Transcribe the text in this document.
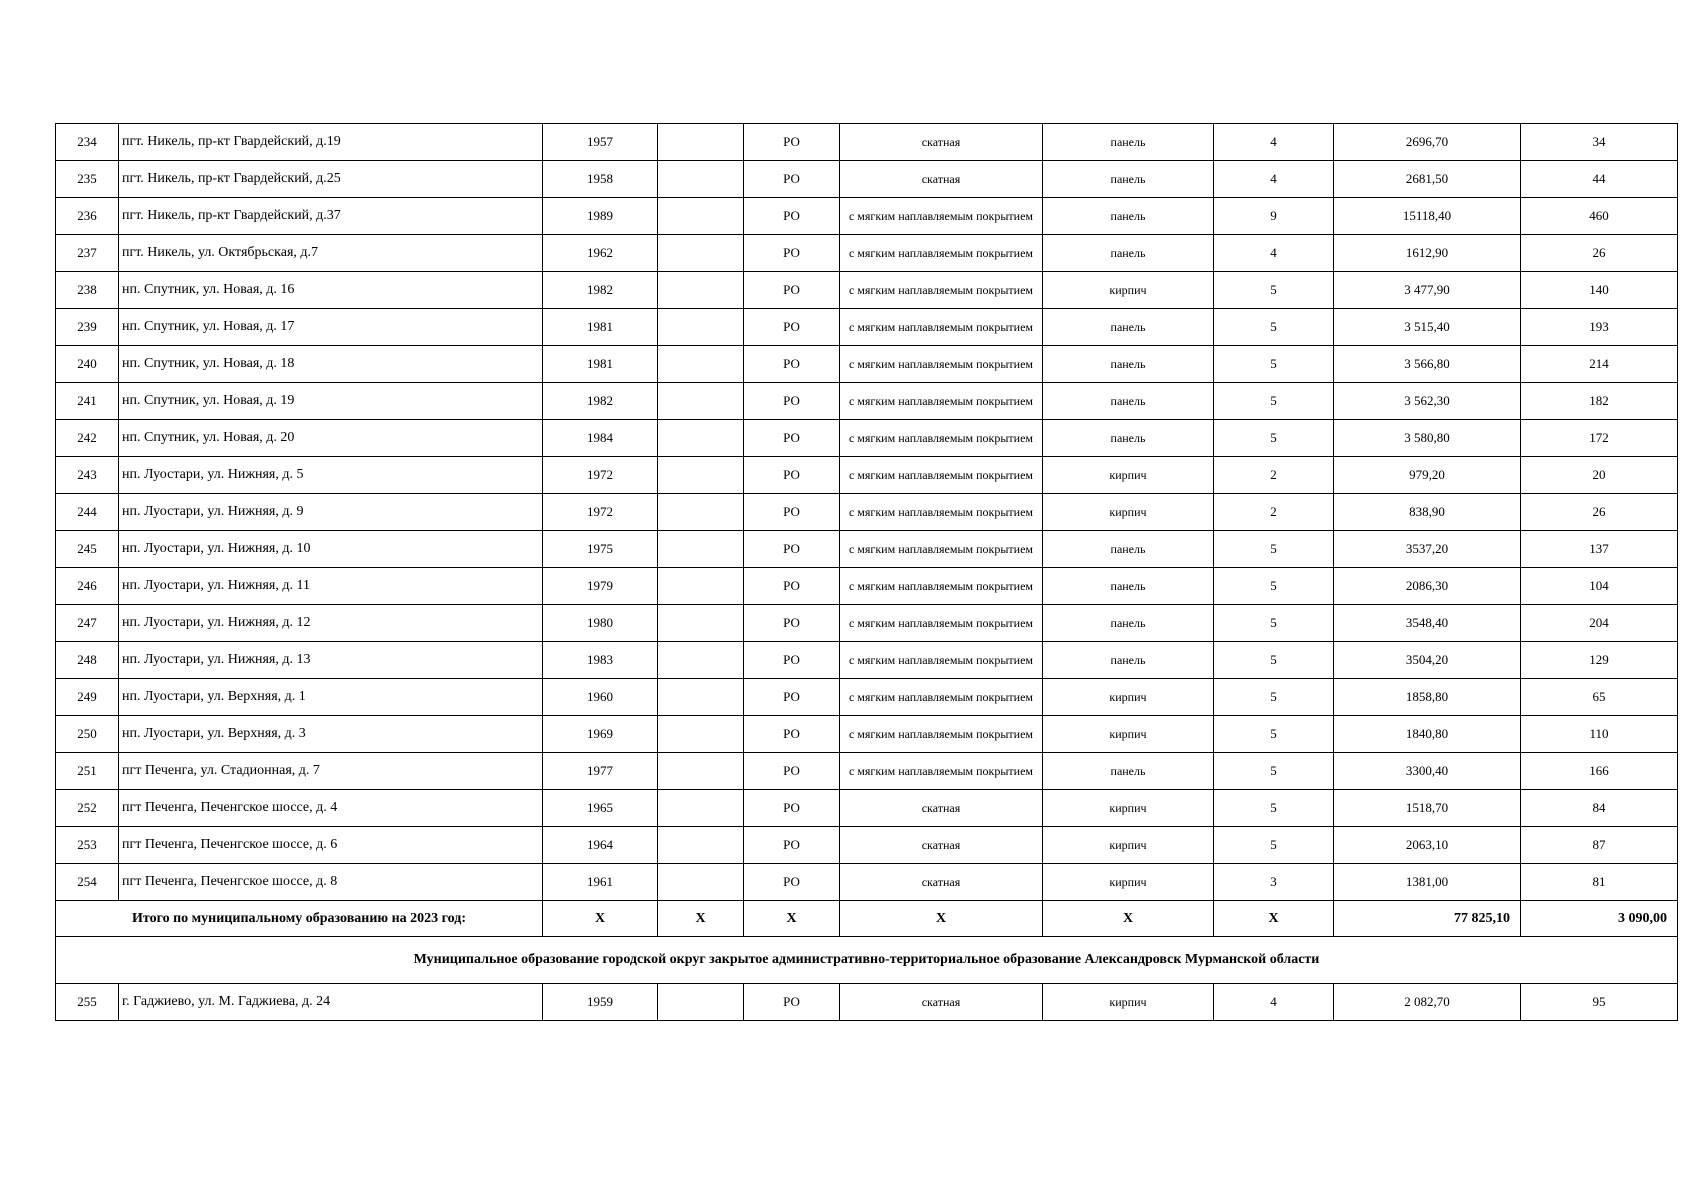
234	пгт. Никель, пр-кт Гвардейский, д.19	1957		РО	скатная	панель	4	2696,70	34
235	пгт. Никель, пр-кт Гвардейский, д.25	1958		РО	скатная	панель	4	2681,50	44
236	пгт. Никель, пр-кт Гвардейский, д.37	1989		РО	с мягким наплавляемым покрытием	панель	9	15118,40	460
237	пгт. Никель, ул. Октябрьская, д.7	1962		РО	с мягким наплавляемым покрытием	панель	4	1612,90	26
238	нп. Спутник, ул. Новая, д. 16	1982		РО	с мягким наплавляемым покрытием	кирпич	5	3 477,90	140
239	нп. Спутник, ул. Новая, д. 17	1981		РО	с мягким наплавляемым покрытием	панель	5	3 515,40	193
240	нп. Спутник, ул. Новая, д. 18	1981		РО	с мягким наплавляемым покрытием	панель	5	3 566,80	214
241	нп. Спутник, ул. Новая, д. 19	1982		РО	с мягким наплавляемым покрытием	панель	5	3 562,30	182
242	нп. Спутник, ул. Новая, д. 20	1984		РО	с мягким наплавляемым покрытием	панель	5	3 580,80	172
243	нп. Луостари, ул. Нижняя, д. 5	1972		РО	с мягким наплавляемым покрытием	кирпич	2	979,20	20
244	нп. Луостари, ул. Нижняя, д. 9	1972		РО	с мягким наплавляемым покрытием	кирпич	2	838,90	26
245	нп. Луостари, ул. Нижняя, д. 10	1975		РО	с мягким наплавляемым покрытием	панель	5	3537,20	137
246	нп. Луостари, ул. Нижняя, д. 11	1979		РО	с мягким наплавляемым покрытием	панель	5	2086,30	104
247	нп. Луостари, ул. Нижняя, д. 12	1980		РО	с мягким наплавляемым покрытием	панель	5	3548,40	204
248	нп. Луостари, ул. Нижняя, д. 13	1983		РО	с мягким наплавляемым покрытием	панель	5	3504,20	129
249	нп. Луостари, ул. Верхняя, д. 1	1960		РО	с мягким наплавляемым покрытием	кирпич	5	1858,80	65
250	нп. Луостари, ул. Верхняя, д. 3	1969		РО	с мягким наплавляемым покрытием	кирпич	5	1840,80	110
251	пгт Печенга, ул. Стадионная, д. 7	1977		РО	с мягким наплавляемым покрытием	панель	5	3300,40	166
252	пгт Печенга, Печенгское шоссе, д. 4	1965		РО	скатная	кирпич	5	1518,70	84
253	пгт Печенга, Печенгское шоссе, д. 6	1964		РО	скатная	кирпич	5	2063,10	87
254	пгт Печенга, Печенгское шоссе, д. 8	1961		РО	скатная	кирпич	3	1381,00	81
Итого по муниципальному образованию на 2023 год:		X	X	X	X	X	X	77 825,10	3 090,00
Муниципальное образование городской округ закрытое административно-территориальное образование Александровск Мурманской области									
255	г. Гаджиево, ул. М. Гаджиева, д. 24	1959		РО	скатная	кирпич	4	2 082,70	95
